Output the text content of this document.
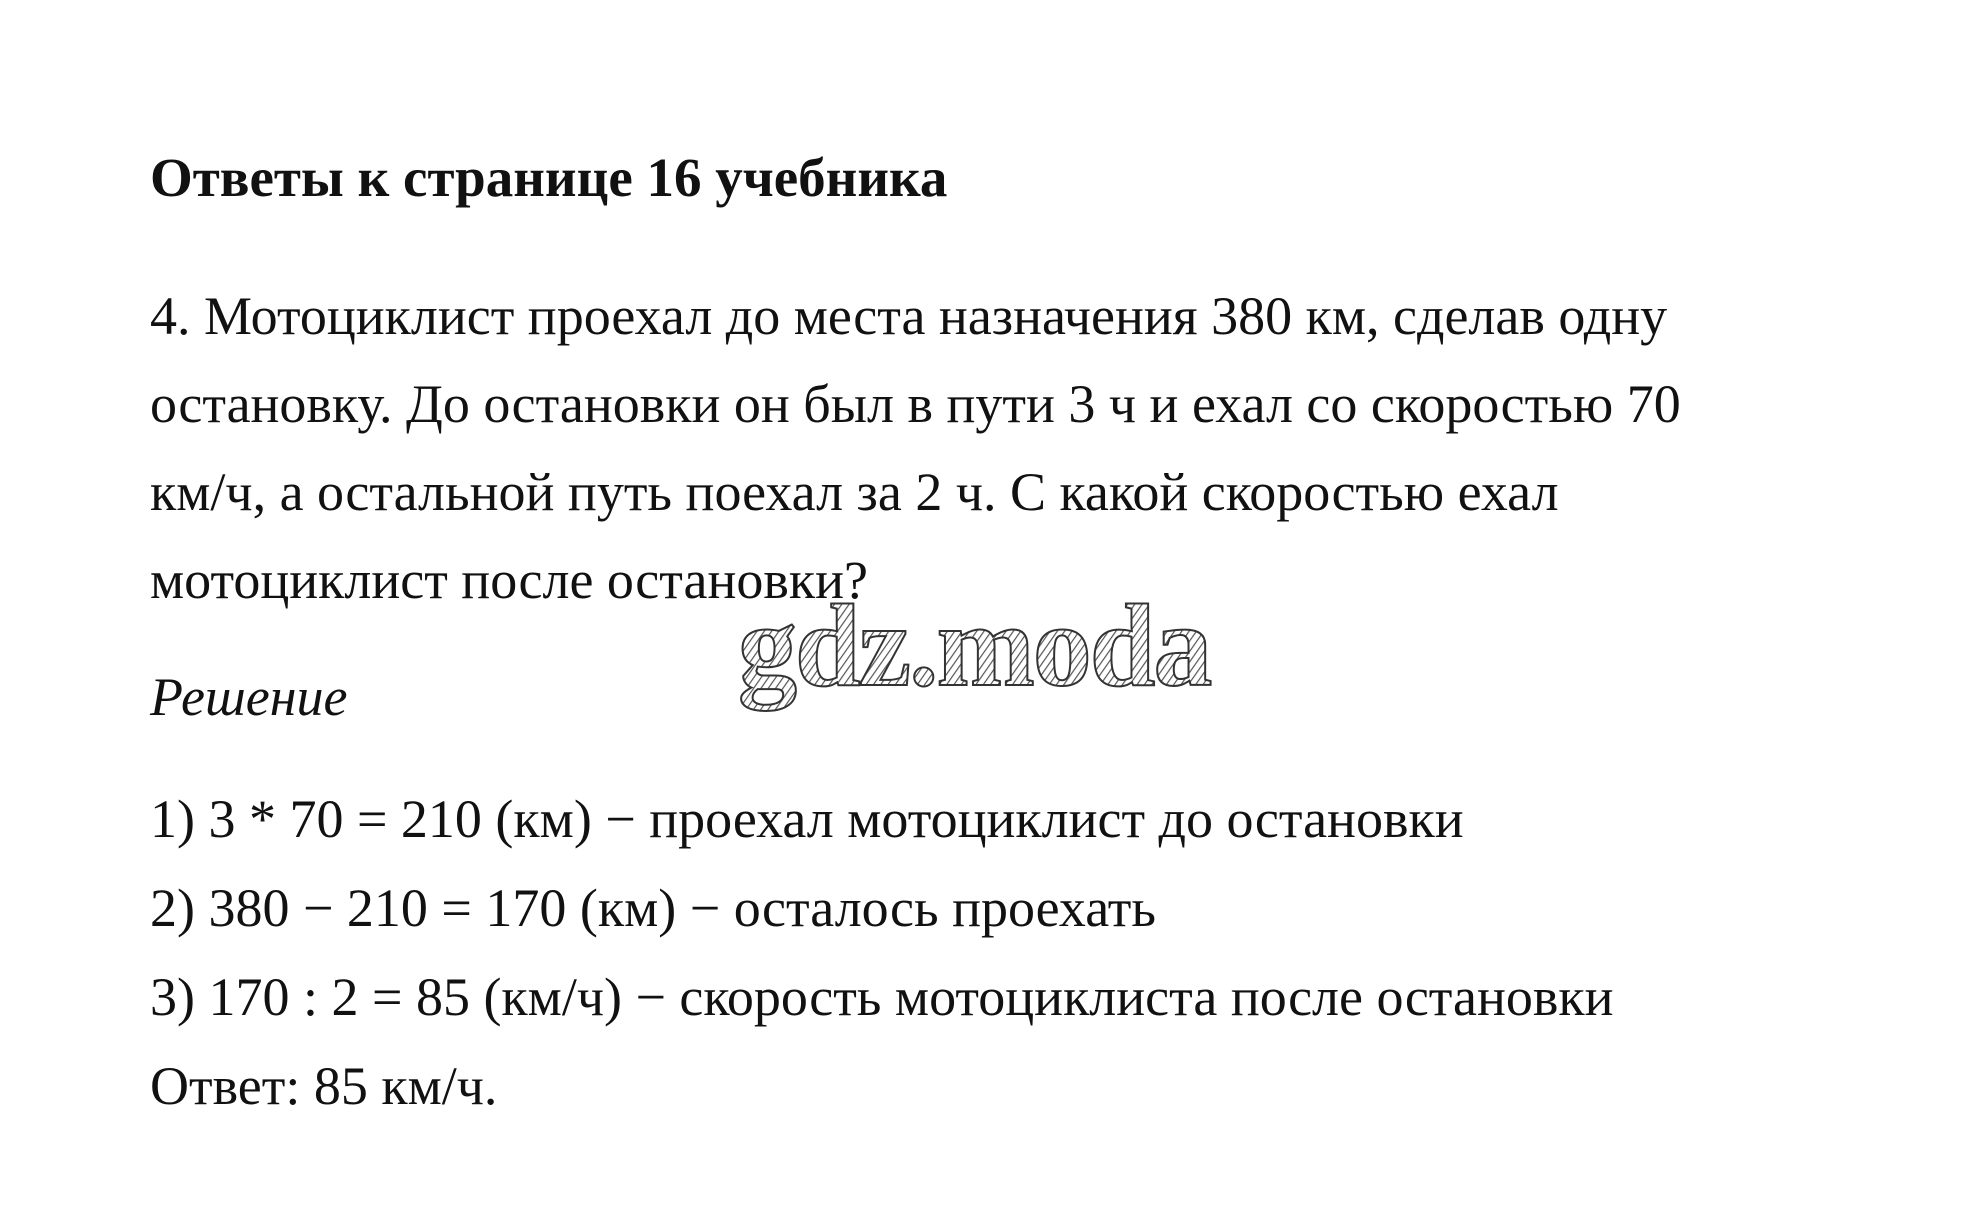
Ответы к странице 16 учебника
4. Мотоциклист проехал до места назначения 380 км, сделав одну
остановку. До остановки он был в пути 3 ч и ехал со скоростью 70
км/ч, а остальной путь поехал за 2 ч. С какой скоростью ехал
мотоциклист после остановки?
Решение	gdz.moda
1) 3 * 70 = 210 (км) − проехал мотоциклист до остановки
2) 380 − 210 = 170 (км) − осталось проехать
3) 170 : 2 = 85 (км/ч) − скорость мотоциклиста после остановки
Ответ: 85 км/ч.
